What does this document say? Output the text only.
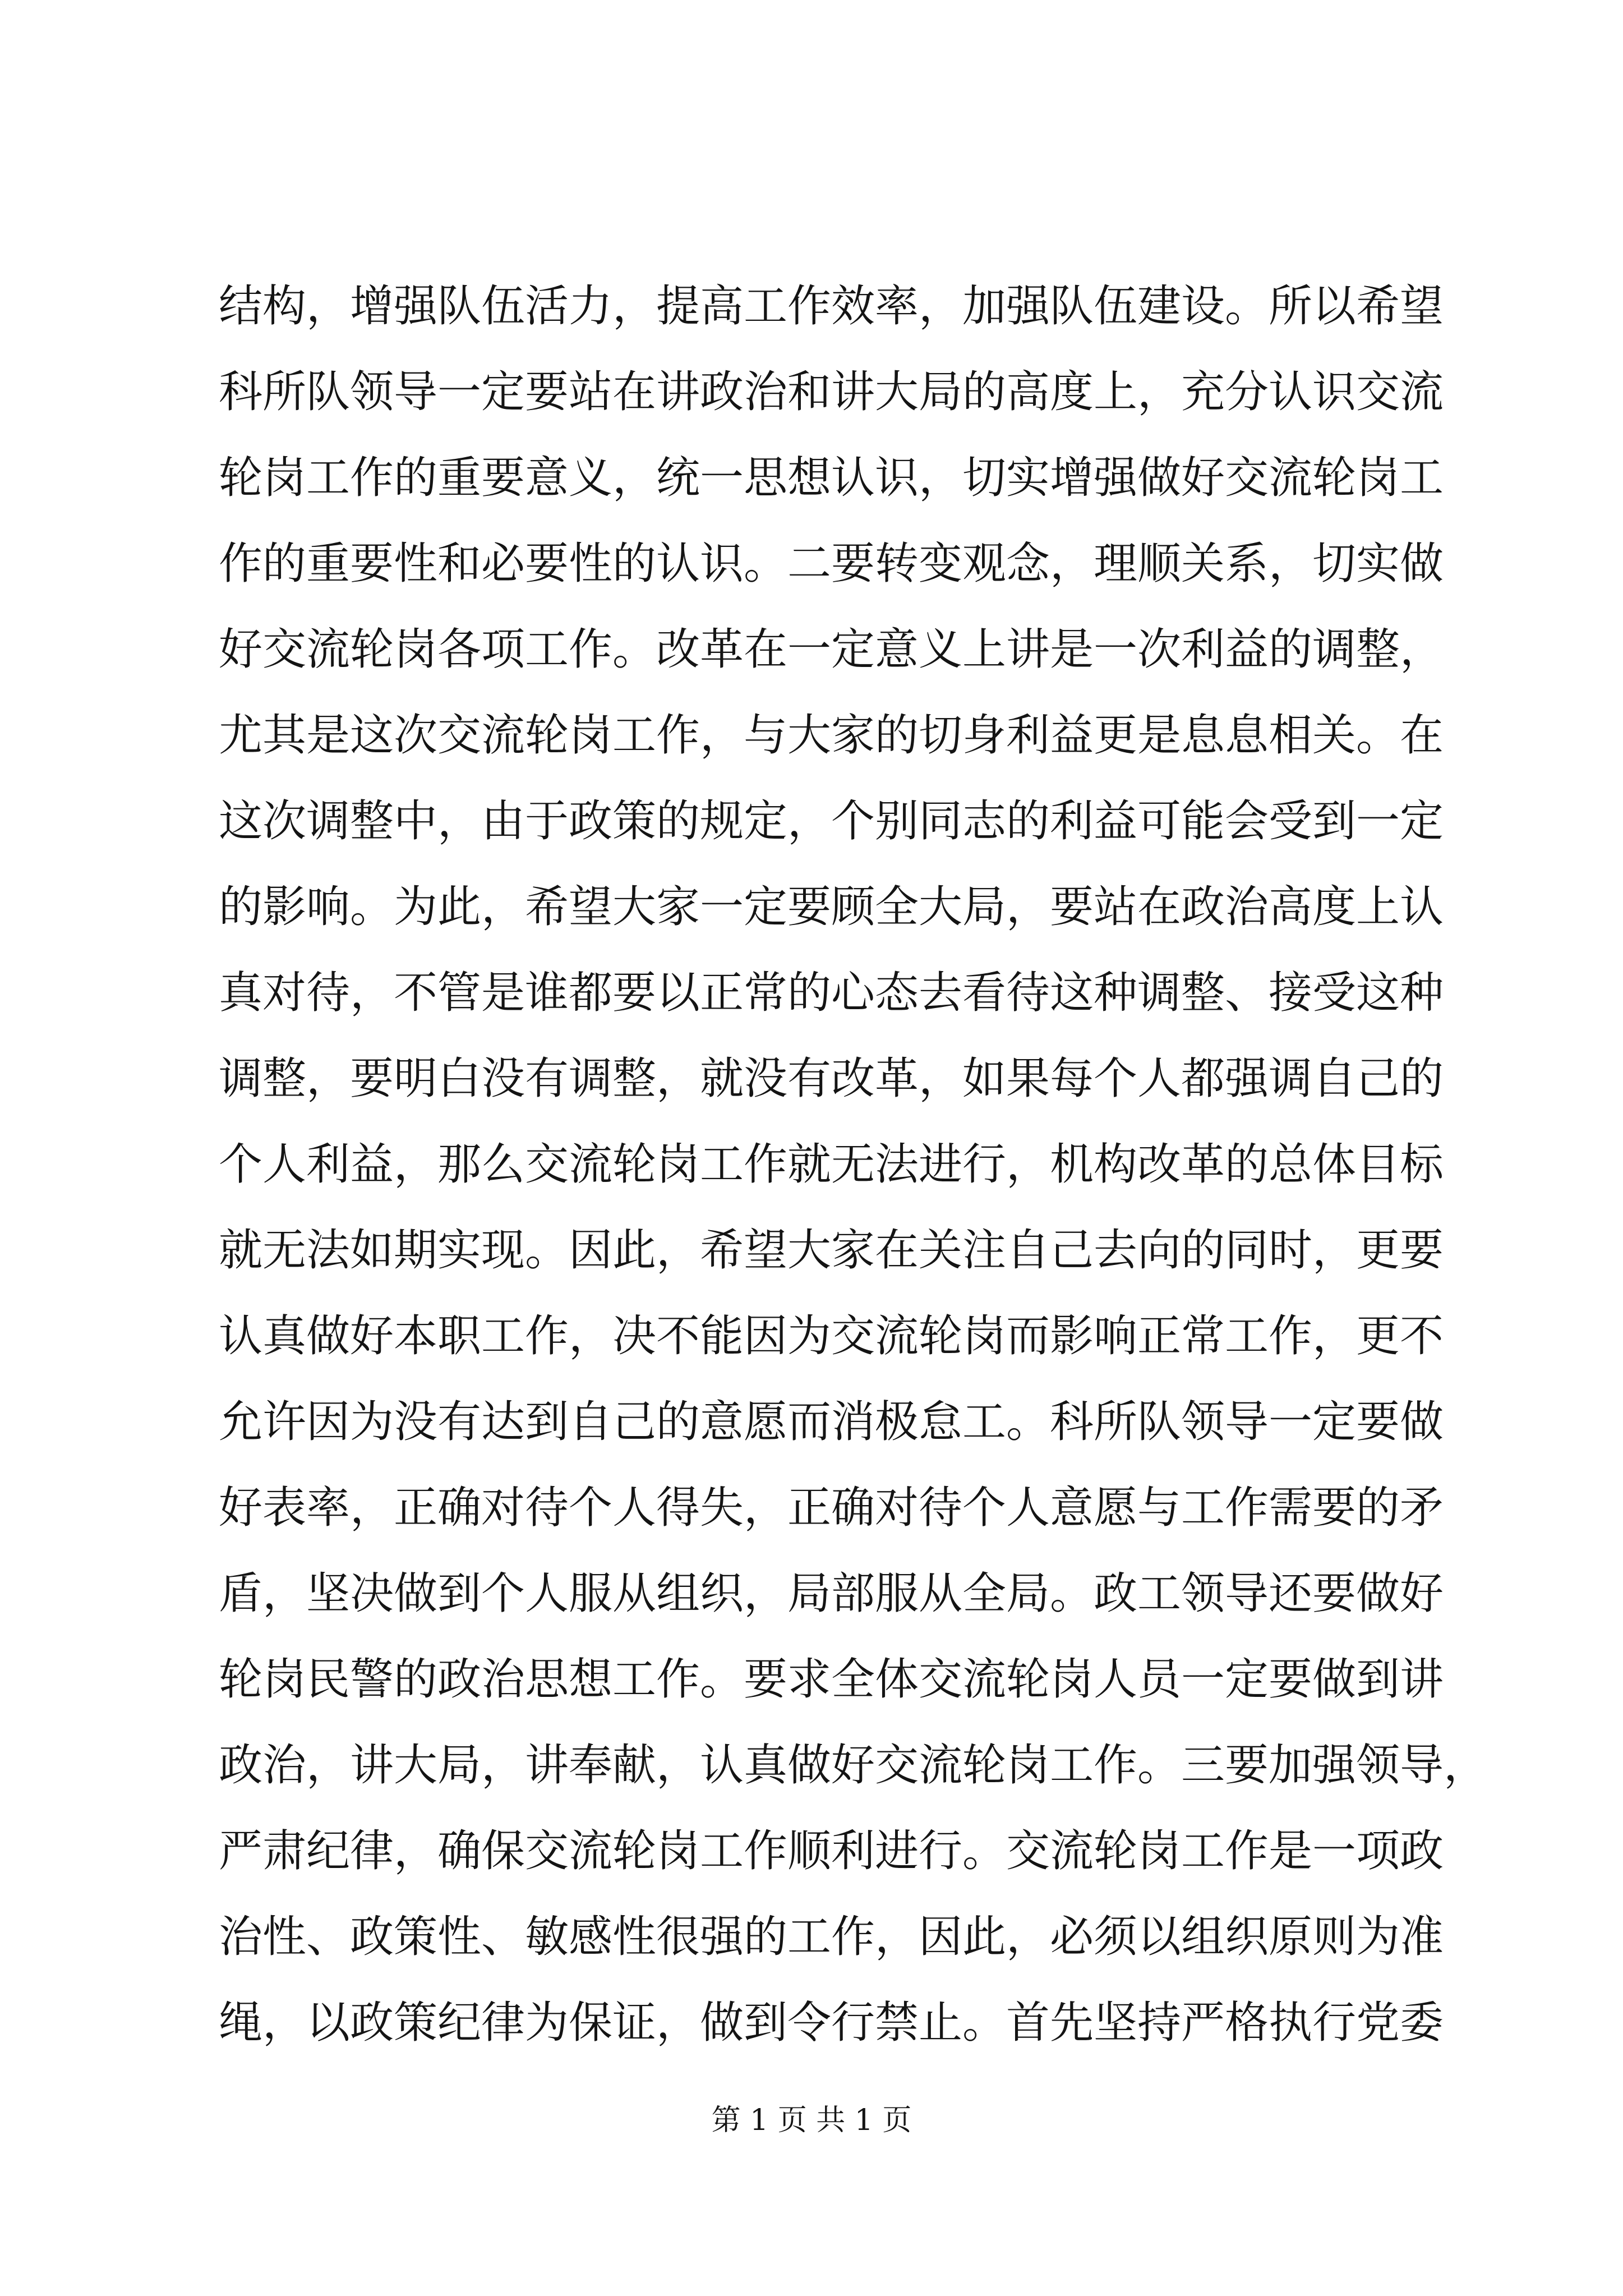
结构，增强队伍活力，提高工作效率，加强队伍建设。所以希望
科所队领导一定要站在讲政治和讲大局的高度上，充分认识交流
轮岗工作的重要意义，统一思想认识，切实增强做好交流轮岗工
作的重要性和必要性的认识。二要转变观念，理顺关系，切实做
好交流轮岗各项工作。改革在一定意义上讲是一次利益的调整，
尤其是这次交流轮岗工作，与大家的切身利益更是息息相关。在
这次调整中，由于政策的规定，个别同志的利益可能会受到一定
的影响。为此，希望大家一定要顾全大局，要站在政治高度上认
真对待，不管是谁都要以正常的心态去看待这种调整、接受这种
调整，要明白没有调整，就没有改革，如果每个人都强调自己的
个人利益，那么交流轮岗工作就无法进行，机构改革的总体目标
就无法如期实现。因此，希望大家在关注自己去向的同时，更要
认真做好本职工作，决不能因为交流轮岗而影响正常工作，更不
允许因为没有达到自己的意愿而消极怠工。科所队领导一定要做
好表率，正确对待个人得失，正确对待个人意愿与工作需要的矛
盾，坚决做到个人服从组织，局部服从全局。政工领导还要做好
轮岗民警的政治思想工作。要求全体交流轮岗人员一定要做到讲
政治，讲大局，讲奉献，认真做好交流轮岗工作。三要加强领导，
严肃纪律，确保交流轮岗工作顺利进行。交流轮岗工作是一项政
治性、政策性、敏感性很强的工作，因此，必须以组织原则为准
绳，以政策纪律为保证，做到令行禁止。首先坚持严格执行党委
第 1 页 共 1 页
